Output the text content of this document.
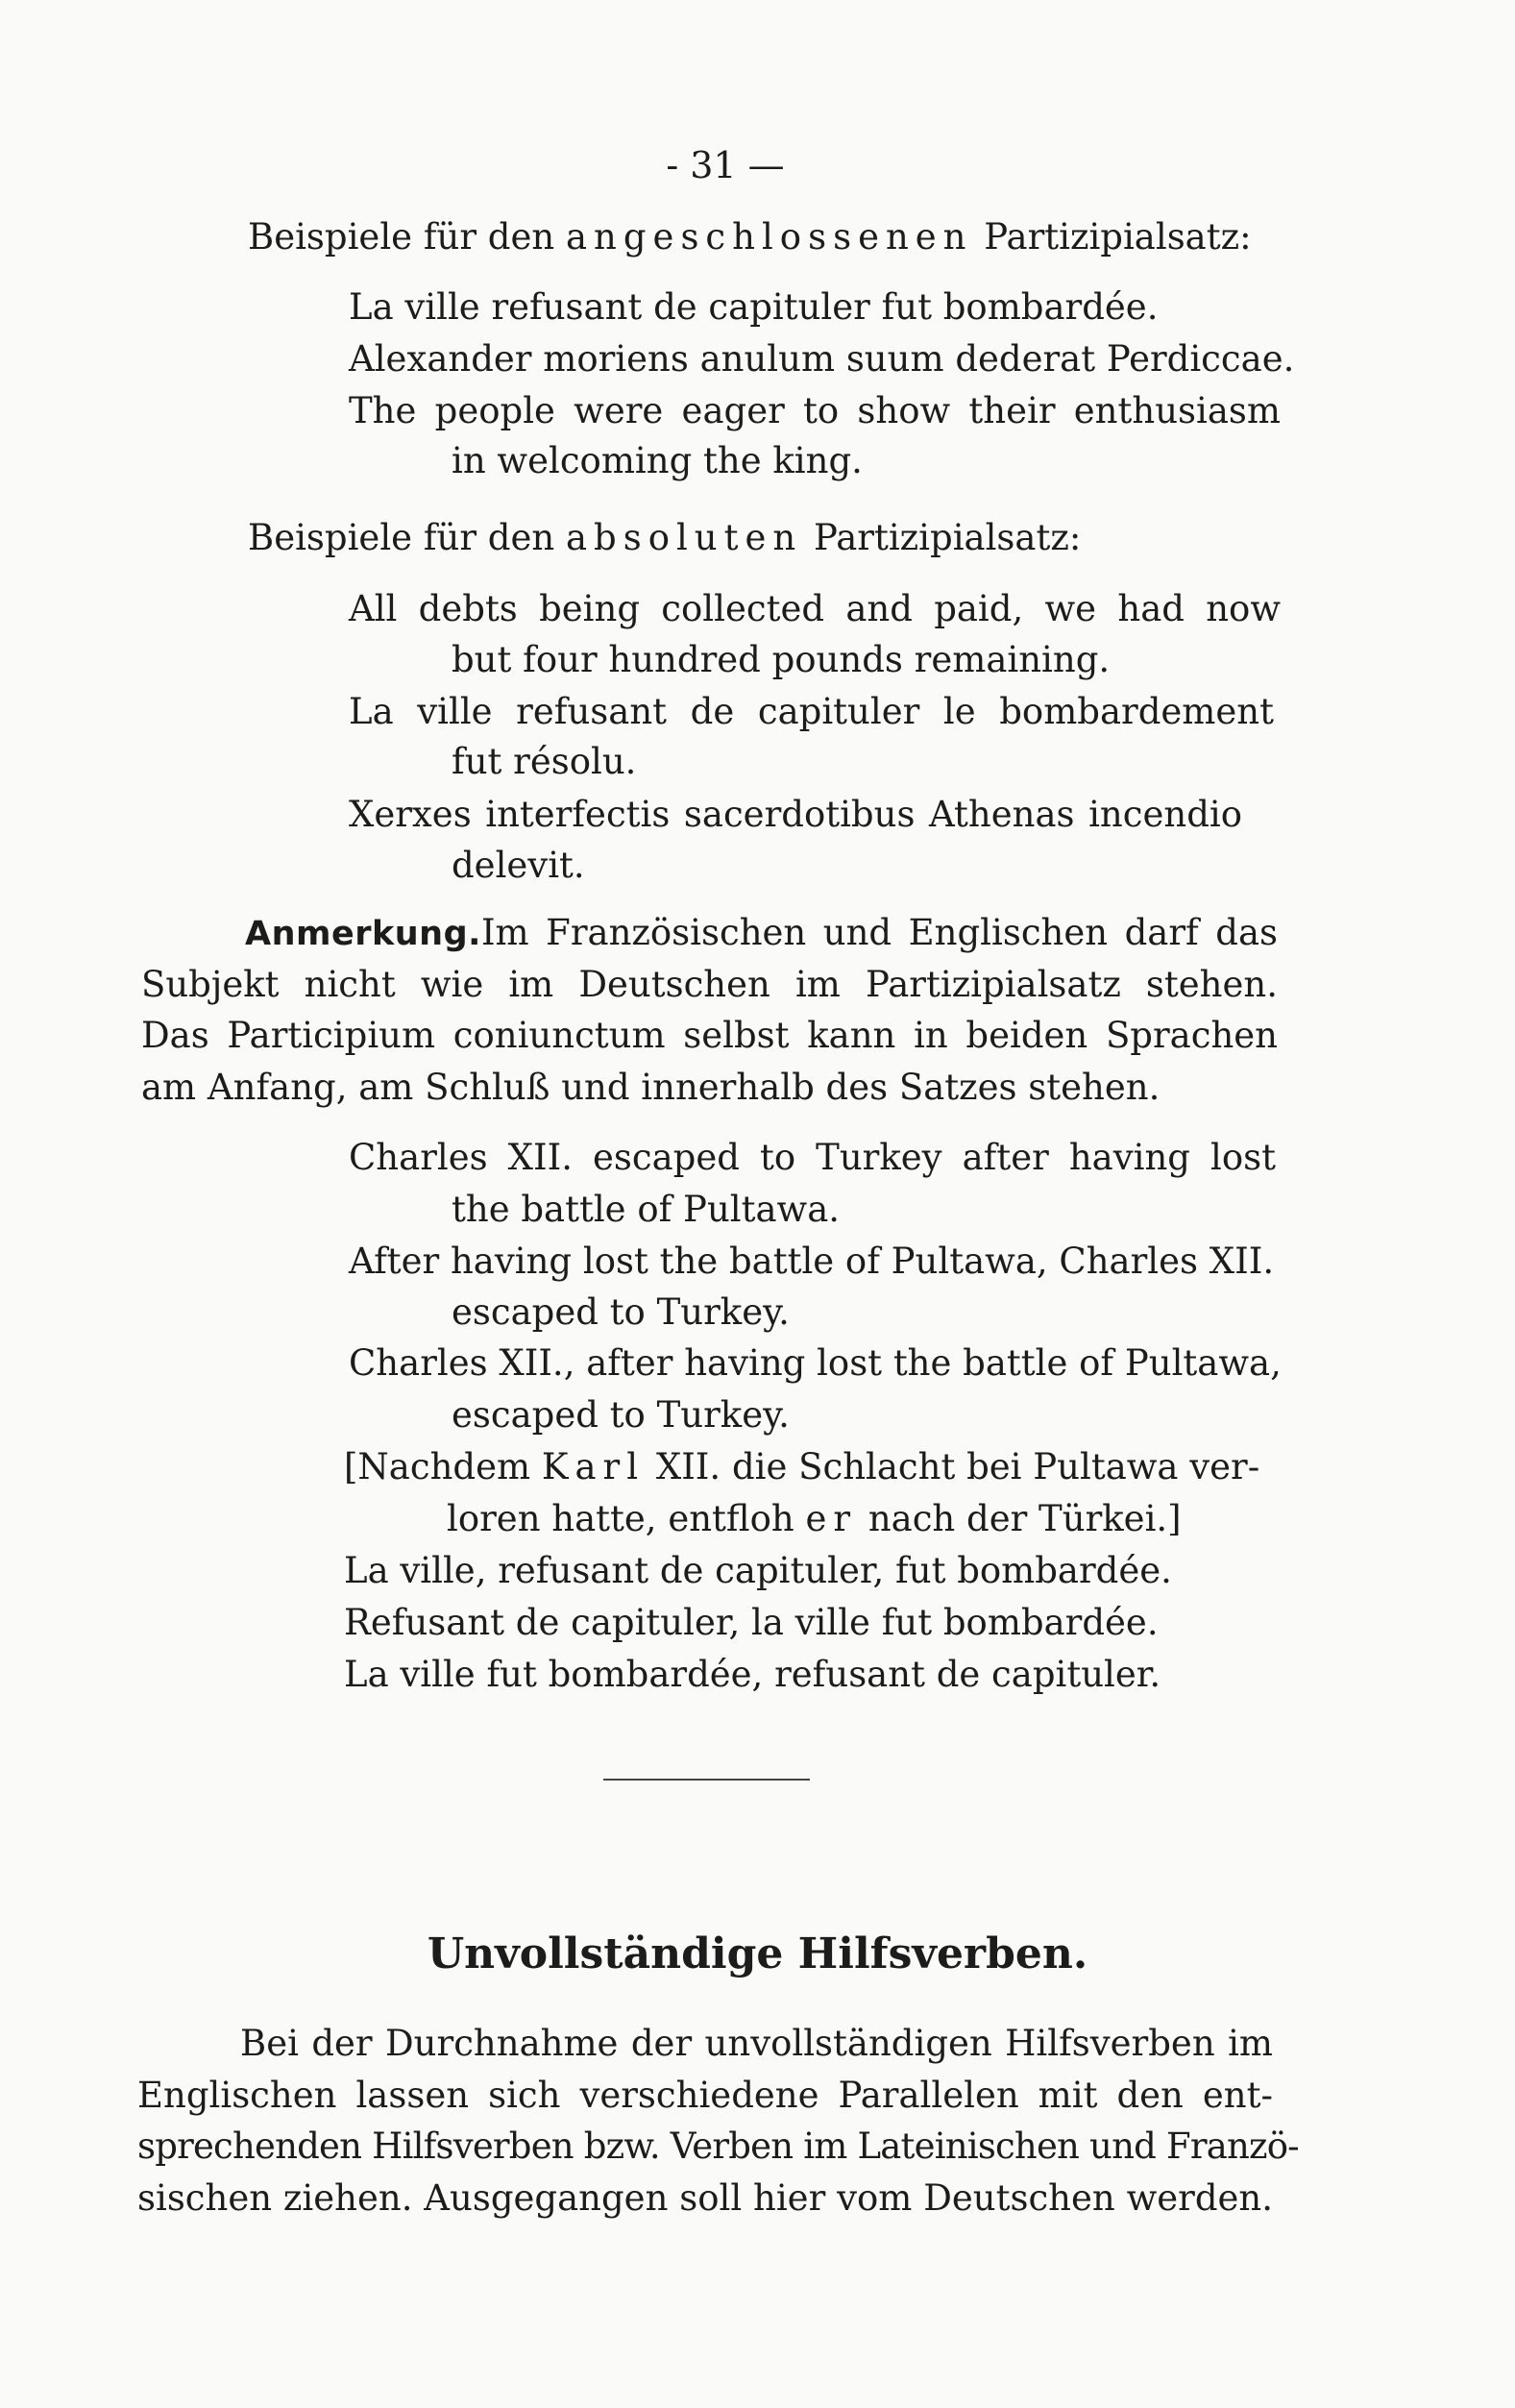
- 31 —
Beispiele für den angeschlossenen Partizipialsatz:
La ville refusant de capituler fut bombardée.
Alexander moriens anulum suum dederat Perdiccae.
The people were eager to show their enthusiasm
in welcoming the king.
Beispiele für den absoluten Partizipialsatz:
All debts being collected and paid, we had now
but four hundred pounds remaining.
La ville refusant de capituler le bombardement
fut résolu.
Xerxes interfectis sacerdotibus Athenas incendio
delevit.
Anmerkung. Im Französischen und Englischen darf das
Subjekt nicht wie im Deutschen im Partizipialsatz stehen.
Das Participium coniunctum selbst kann in beiden Sprachen
am Anfang, am Schluß und innerhalb des Satzes stehen.
Charles XII. escaped to Turkey after having lost
the battle of Pultawa.
After having lost the battle of Pultawa, Charles XII.
escaped to Turkey.
Charles XII., after having lost the battle of Pultawa,
escaped to Turkey.
[Nachdem Karl XII. die Schlacht bei Pultawa ver-
loren hatte, entfloh er nach der Türkei.]
La ville, refusant de capituler, fut bombardée.
Refusant de capituler, la ville fut bombardée.
La ville fut bombardée, refusant de capituler.
Unvollständige Hilfsverben.
Bei der Durchnahme der unvollständigen Hilfsverben im
Englischen lassen sich verschiedene Parallelen mit den ent-
sprechenden Hilfsverben bzw. Verben im Lateinischen und Franzö-
sischen ziehen. Ausgegangen soll hier vom Deutschen werden.
